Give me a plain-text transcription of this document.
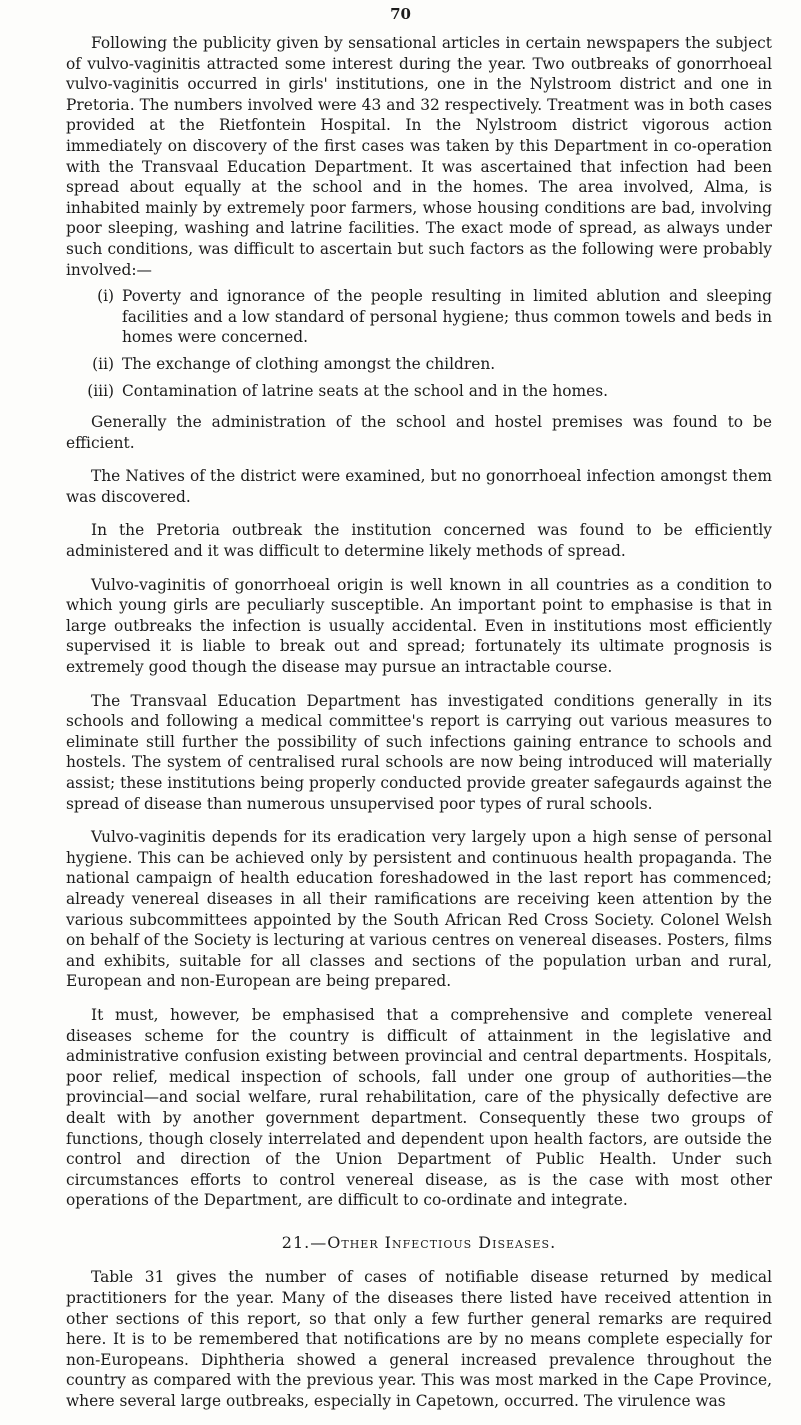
70

Following the publicity given by sensational articles in certain newspapers the subject of vulvo-vaginitis attracted some interest during the year. Two outbreaks of gonorrhoeal vulvo-vaginitis occurred in girls' institutions, one in the Nylstroom district and one in Pretoria. The numbers involved were 43 and 32 respectively. Treatment was in both cases provided at the Rietfontein Hospital. In the Nylstroom district vigorous action immediately on discovery of the first cases was taken by this Department in co-operation with the Transvaal Education Department. It was ascertained that infection had been spread about equally at the school and in the homes. The area involved, Alma, is inhabited mainly by extremely poor farmers, whose housing conditions are bad, involving poor sleeping, washing and latrine facilities. The exact mode of spread, as always under such conditions, was difficult to ascertain but such factors as the following were probably involved:—

(i) Poverty and ignorance of the people resulting in limited ablution and sleeping facilities and a low standard of personal hygiene; thus common towels and beds in homes were concerned.
(ii) The exchange of clothing amongst the children.
(iii) Contamination of latrine seats at the school and in the homes.

Generally the administration of the school and hostel premises was found to be efficient.

The Natives of the district were examined, but no gonorrhoeal infection amongst them was discovered.

In the Pretoria outbreak the institution concerned was found to be efficiently administered and it was difficult to determine likely methods of spread.

Vulvo-vaginitis of gonorrhoeal origin is well known in all countries as a condition to which young girls are peculiarly susceptible. An important point to emphasise is that in large outbreaks the infection is usually accidental. Even in institutions most efficiently supervised it is liable to break out and spread; fortunately its ultimate prognosis is extremely good though the disease may pursue an intractable course.

The Transvaal Education Department has investigated conditions generally in its schools and following a medical committee's report is carrying out various measures to eliminate still further the possibility of such infections gaining entrance to schools and hostels. The system of centralised rural schools are now being introduced will materially assist; these institutions being properly conducted provide greater safegaurds against the spread of disease than numerous unsupervised poor types of rural schools.

Vulvo-vaginitis depends for its eradication very largely upon a high sense of personal hygiene. This can be achieved only by persistent and continuous health propaganda. The national campaign of health education foreshadowed in the last report has commenced; already venereal diseases in all their ramifications are receiving keen attention by the various subcommittees appointed by the South African Red Cross Society. Colonel Welsh on behalf of the Society is lecturing at various centres on venereal diseases. Posters, films and exhibits, suitable for all classes and sections of the population urban and rural, European and non-European are being prepared.

It must, however, be emphasised that a comprehensive and complete venereal diseases scheme for the country is difficult of attainment in the legislative and administrative confusion existing between provincial and central departments. Hospitals, poor relief, medical inspection of schools, fall under one group of authorities—the provincial—and social welfare, rural rehabilitation, care of the physically defective are dealt with by another government department. Consequently these two groups of functions, though closely interrelated and dependent upon health factors, are outside the control and direction of the Union Department of Public Health. Under such circumstances efforts to control venereal disease, as is the case with most other operations of the Department, are difficult to co-ordinate and integrate.

21.—Other Infectious Diseases.

Table 31 gives the number of cases of notifiable disease returned by medical practitioners for the year. Many of the diseases there listed have received attention in other sections of this report, so that only a few further general remarks are required here. It is to be remembered that notifications are by no means complete especially for non-Europeans. Diphtheria showed a general increased prevalence throughout the country as compared with the previous year. This was most marked in the Cape Province, where several large outbreaks, especially in Capetown, occurred. The virulence was
